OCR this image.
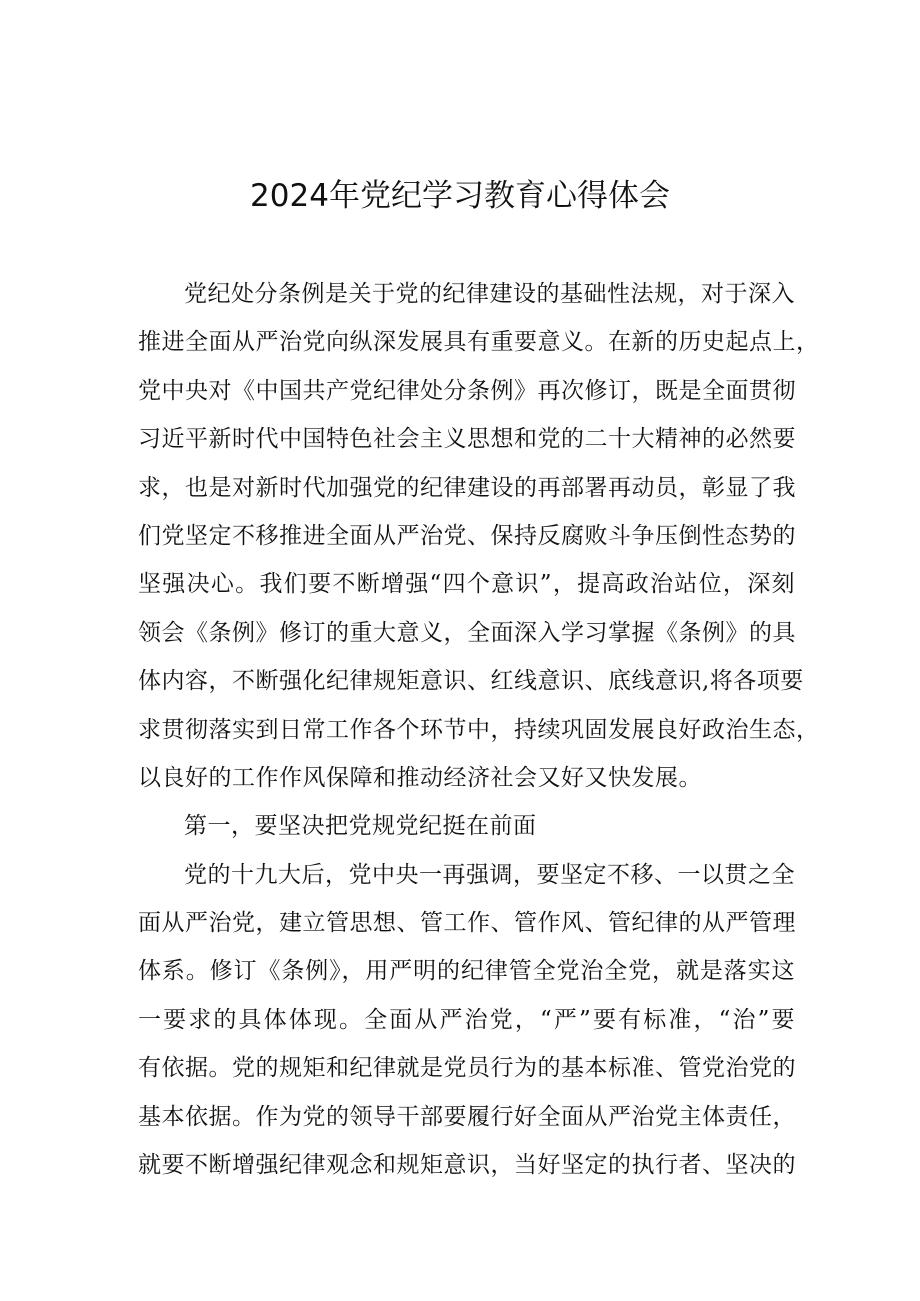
2024年党纪学习教育心得体会
党纪处分条例是关于党的纪律建设的基础性法规，对于深入
推进全面从严治党向纵深发展具有重要意义。在新的历史起点上，
党中央对《中国共产党纪律处分条例》再次修订，既是全面贯彻
习近平新时代中国特色社会主义思想和党的二十大精神的必然要
求，也是对新时代加强党的纪律建设的再部署再动员，彰显了我
们党坚定不移推进全面从严治党、保持反腐败斗争压倒性态势的
坚强决心。我们要不断增强“四个意识”，提高政治站位，深刻
领会《条例》修订的重大意义，全面深入学习掌握《条例》的具
体内容，不断强化纪律规矩意识、红线意识、底线意识,将各项要
求贯彻落实到日常工作各个环节中，持续巩固发展良好政治生态，
以良好的工作作风保障和推动经济社会又好又快发展。
第一，要坚决把党规党纪挺在前面
党的十九大后，党中央一再强调，要坚定不移、一以贯之全
面从严治党，建立管思想、管工作、管作风、管纪律的从严管理
体系。修订《条例》，用严明的纪律管全党治全党，就是落实这
一要求的具体体现。全面从严治党，“严”要有标准，“治”要
有依据。党的规矩和纪律就是党员行为的基本标准、管党治党的
基本依据。作为党的领导干部要履行好全面从严治党主体责任，
就要不断增强纪律观念和规矩意识，当好坚定的执行者、坚决的
